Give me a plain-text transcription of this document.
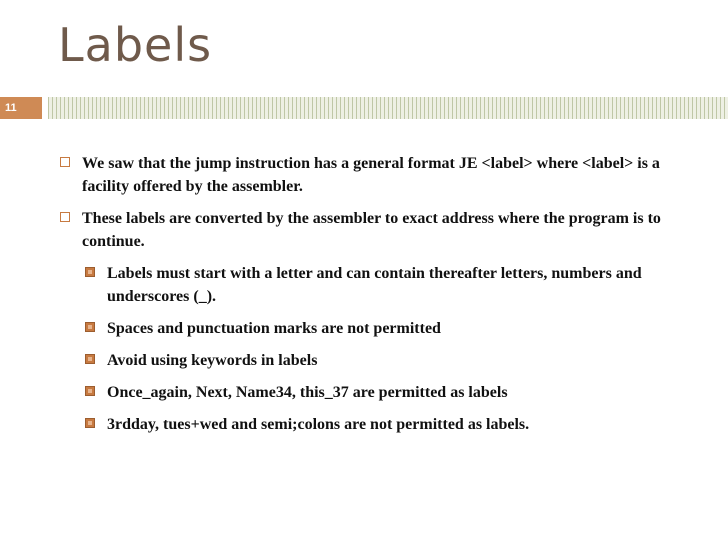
Labels
11
We saw that the jump instruction has a general format JE <label> where <label> is a facility offered by the assembler.
These labels are converted by the assembler to exact address where the program is to continue.
Labels must start with a letter and can contain thereafter letters, numbers and underscores (_).
Spaces and punctuation marks are not permitted
Avoid using keywords in labels
Once_again, Next, Name34, this_37 are permitted as labels
3rdday, tues+wed and semi;colons are not permitted as labels.
